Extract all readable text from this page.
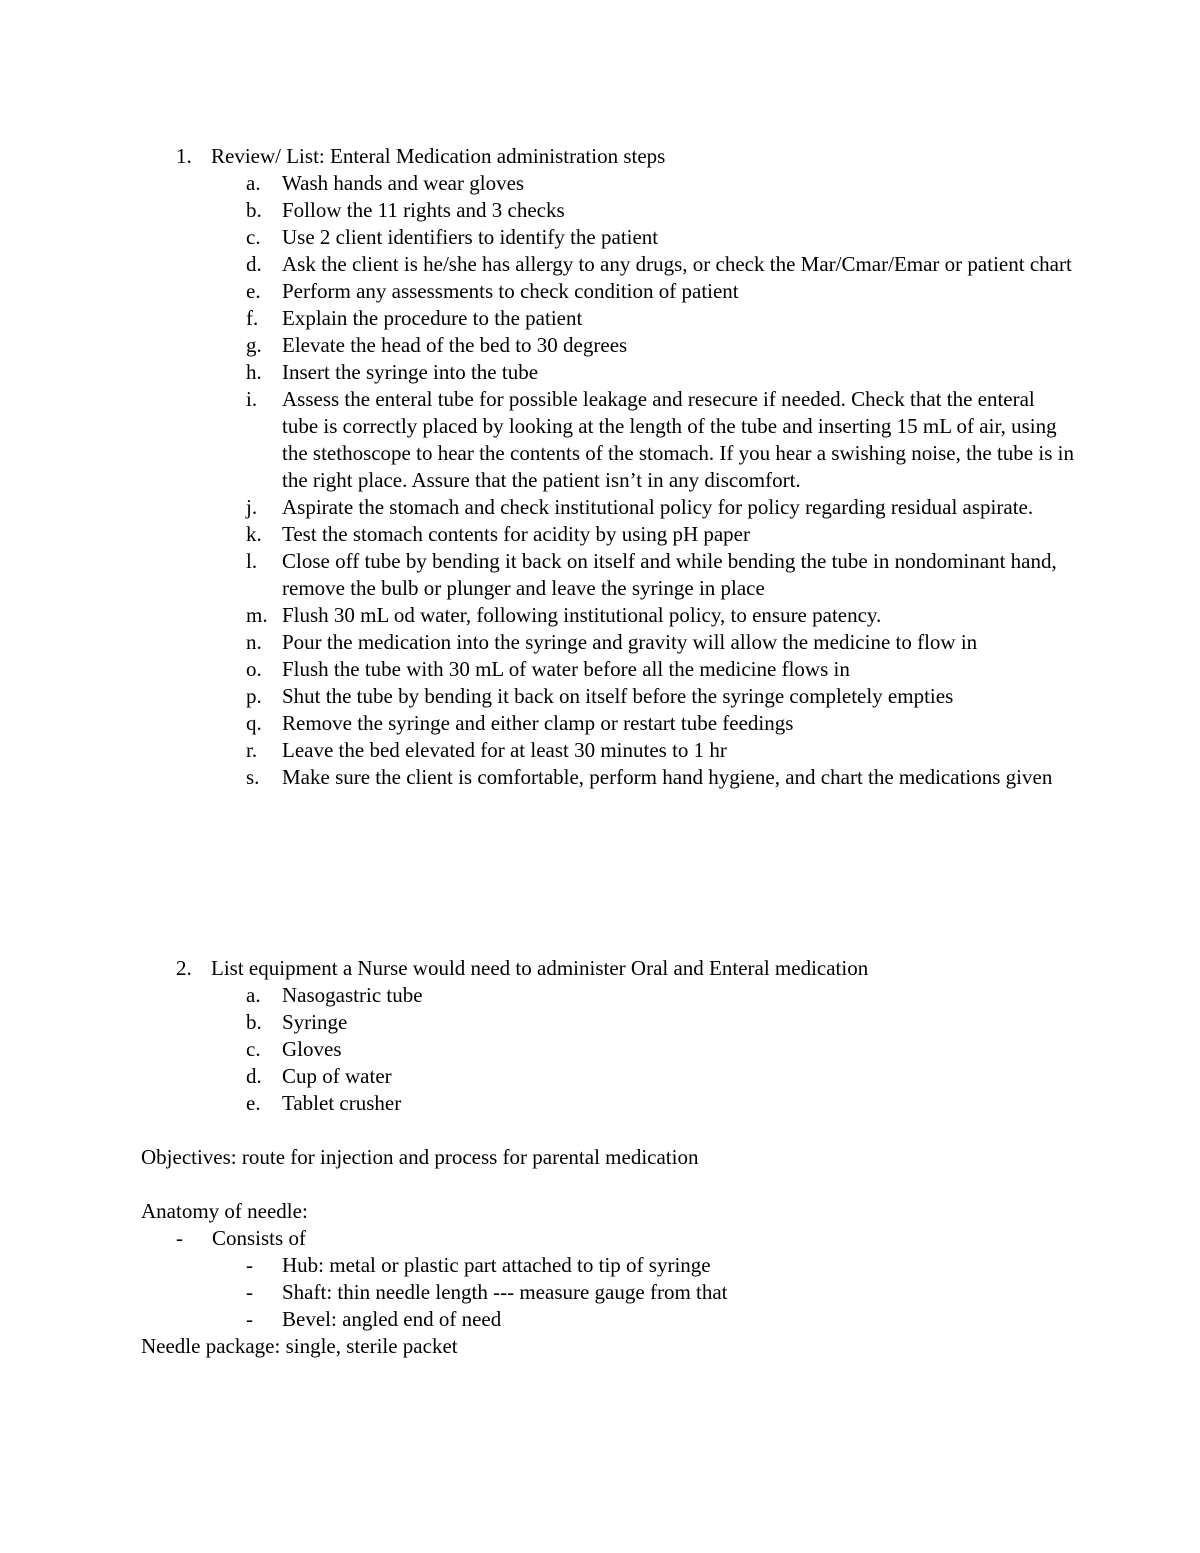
1. Review/ List: Enteral Medication administration steps
a.	Wash hands and wear gloves
b. Follow the 11 rights and 3 checks
c.	Use 2 client identifiers to identify the patient
d. Ask the client is he/she has allergy to any drugs, or check the Mar/Cmar/Emar or patient chart
e.	Perform any assessments to check condition of patient
f.	Explain the procedure to the patient
g. Elevate the head of the bed to 30 degrees
h. Insert the syringe into the tube
i.	Assess the enteral tube for possible leakage and resecure if needed. Check that the enteral tube is correctly placed by looking at the length of the tube and inserting 15 mL of air, using the stethoscope to hear the contents of the stomach. If you hear a swishing noise, the tube is in the right place. Assure that the patient isn’t in any discomfort.
j.	Aspirate the stomach and check institutional policy for policy regarding residual aspirate.
k. Test the stomach contents for acidity by using pH paper
l.	Close off tube by bending it back on itself and while bending the tube in nondominant hand, remove the bulb or plunger and leave the syringe in place
m. Flush 30 mL od water, following institutional policy, to ensure patency.
n. Pour the medication into the syringe and gravity will allow the medicine to flow in
o. Flush the tube with 30 mL of water before all the medicine flows in
p. Shut the tube by bending it back on itself before the syringe completely empties
q. Remove the syringe and either clamp or restart tube feedings
r.	Leave the bed elevated for at least 30 minutes to 1 hr
s.	Make sure the client is comfortable, perform hand hygiene, and chart the medications given
2. List equipment a Nurse would need to administer Oral and Enteral medication
a.	Nasogastric tube
b. Syringe
c.	Gloves
d. Cup of water
e.	Tablet crusher
Objectives: route for injection and process for parental medication
Anatomy of needle:
- Consists of
- Hub: metal or plastic part attached to tip of syringe
- Shaft: thin needle length --- measure gauge from that
- Bevel: angled end of need
Needle package: single, sterile packet
